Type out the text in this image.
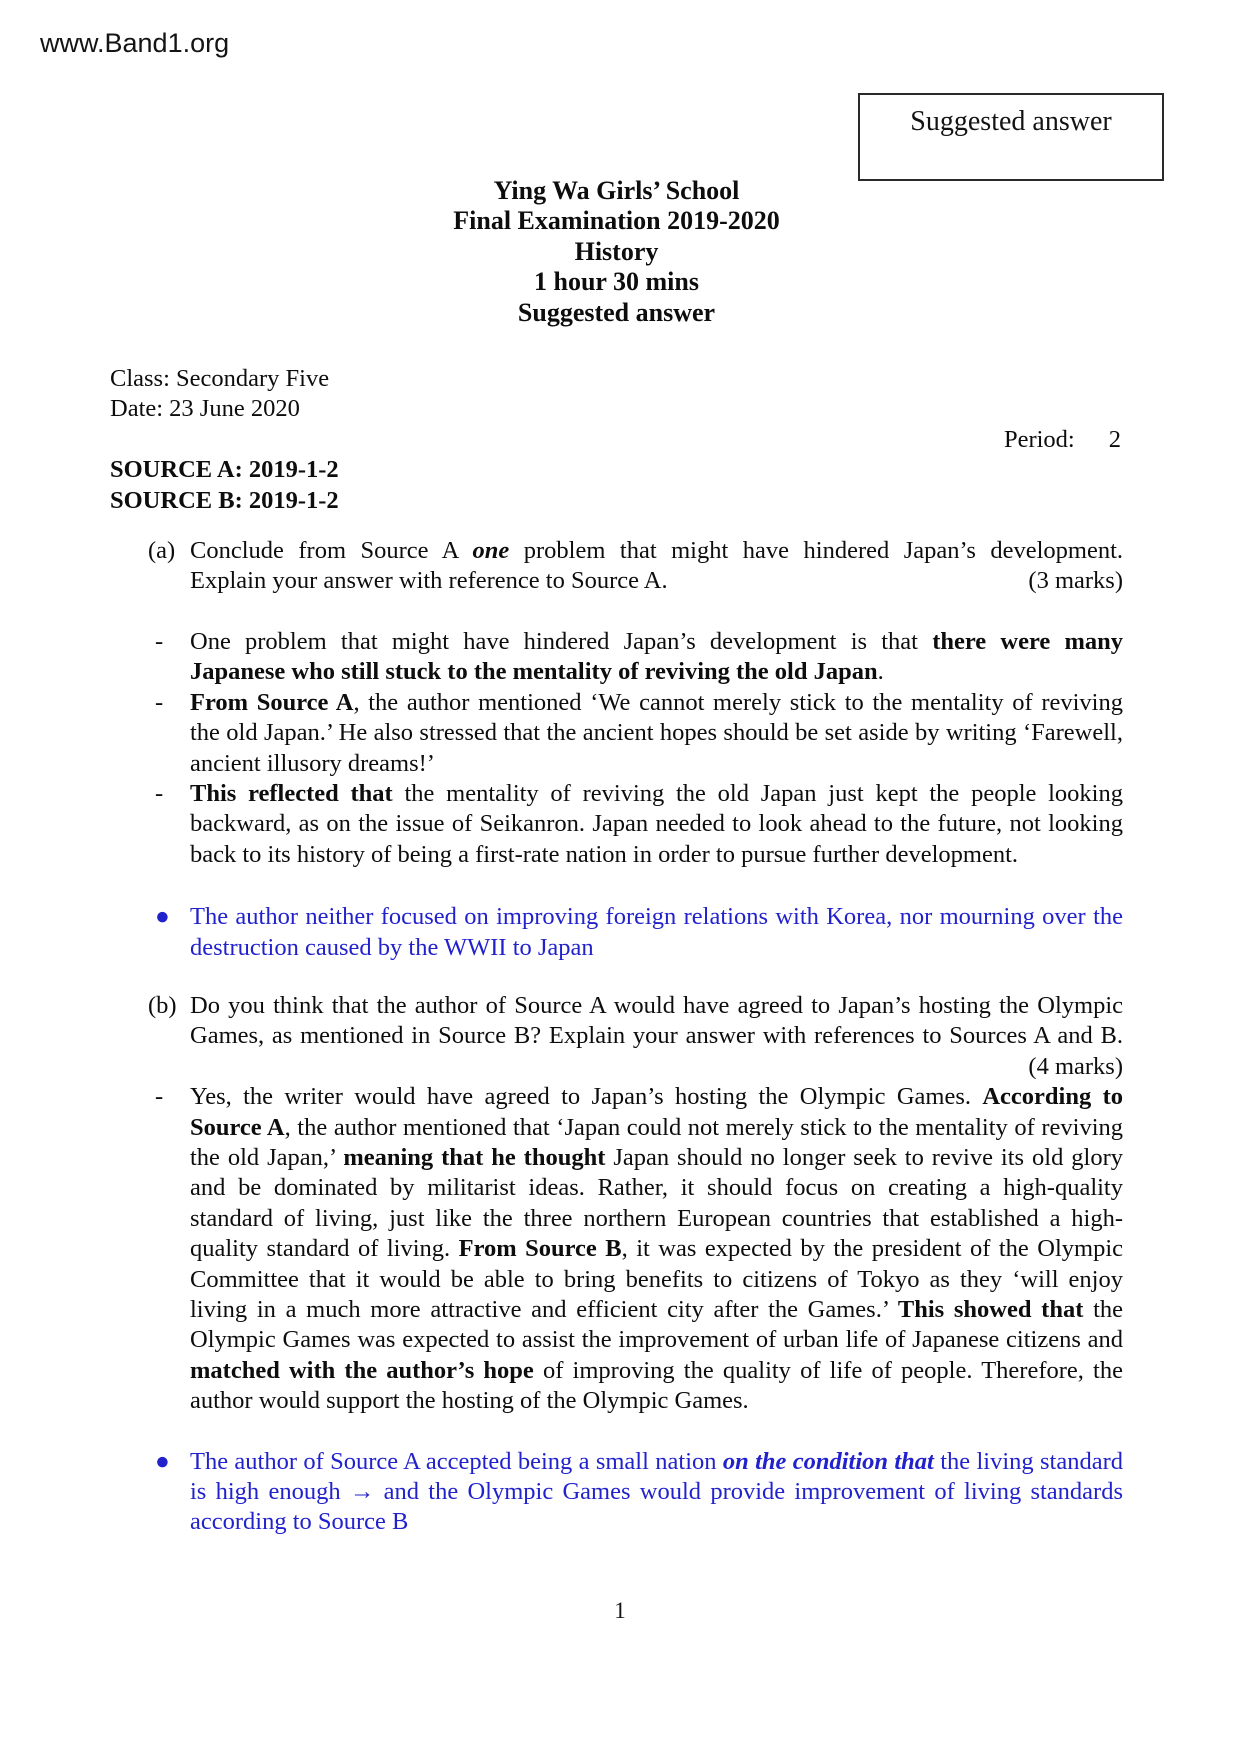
www.Band1.org
Suggested answer
Ying Wa Girls’ School
Final Examination 2019-2020
History
1 hour 30 mins
Suggested answer
Class: Secondary Five
Date: 23 June 2020
Period: 2
SOURCE A: 2019-1-2
SOURCE B: 2019-1-2
(a) Conclude from Source A one problem that might have hindered Japan’s development.
Explain your answer with reference to Source A.	(3 marks)
-	One problem that might have hindered Japan’s development is that there were many Japanese who still stuck to the mentality of reviving the old Japan.
-	From Source A, the author mentioned ‘We cannot merely stick to the mentality of reviving the old Japan.’ He also stressed that the ancient hopes should be set aside by writing ‘Farewell, ancient illusory dreams!’
-	This reflected that the mentality of reviving the old Japan just kept the people looking backward, as on the issue of Seikanron. Japan needed to look ahead to the future, not looking back to its history of being a first-rate nation in order to pursue further development.
● The author neither focused on improving foreign relations with Korea, nor mourning over the destruction caused by the WWII to Japan
(b) Do you think that the author of Source A would have agreed to Japan’s hosting the Olympic
Games, as mentioned in Source B? Explain your answer with references to Sources A and B.
(4 marks)
-	Yes, the writer would have agreed to Japan’s hosting the Olympic Games. According to Source A, the author mentioned that ‘Japan could not merely stick to the mentality of reviving the old Japan,’ meaning that he thought Japan should no longer seek to revive its old glory and be dominated by militarist ideas. Rather, it should focus on creating a high-quality standard of living, just like the three northern European countries that established a high-quality standard of living. From Source B, it was expected by the president of the Olympic Committee that it would be able to bring benefits to citizens of Tokyo as they ‘will enjoy living in a much more attractive and efficient city after the Games.’ This showed that the Olympic Games was expected to assist the improvement of urban life of Japanese citizens and matched with the author’s hope of improving the quality of life of people. Therefore, the author would support the hosting of the Olympic Games.
● The author of Source A accepted being a small nation on the condition that the living standard is high enough → and the Olympic Games would provide improvement of living standards according to Source B
1
